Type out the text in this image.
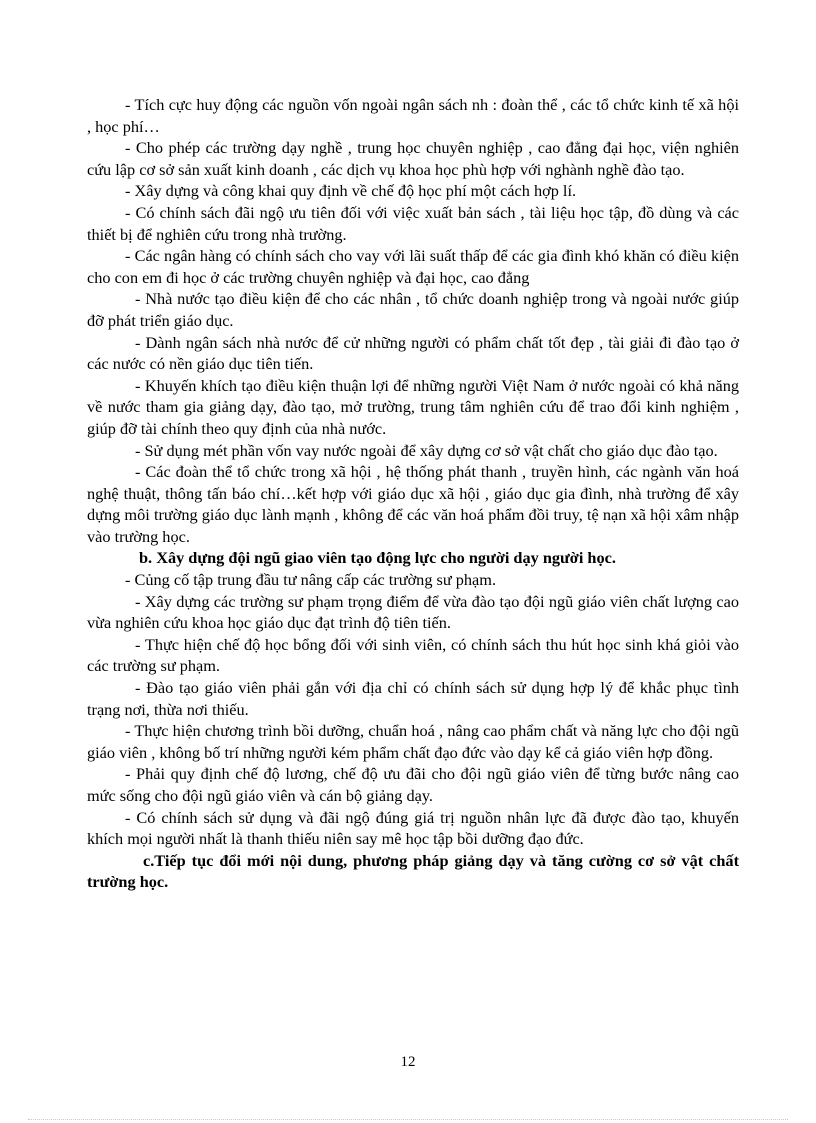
- Tích cực huy động các nguồn vốn ngoài ngân sách nh : đoàn thể , các tổ chức kinh tế xã hội , học phí…

- Cho phép các trường dạy nghề , trung học chuyên nghiệp , cao đẳng đại học, viện nghiên cứu lập cơ sở sản xuất kinh doanh , các dịch vụ khoa học phù hợp với nghành nghề đào tạo.

- Xây dựng và công khai quy định về chế độ học phí một cách hợp lí.

- Có chính sách đãi ngộ ưu tiên đối với việc xuất bản sách , tài liệu học tập, đồ dùng và các thiết bị để nghiên cứu trong nhà trường.

- Các ngân hàng có chính sách cho vay với lãi suất thấp để các gia đình khó khăn có điều kiện cho con em đi học ở các trường chuyên nghiệp và đại học, cao đẳng

- Nhà nước tạo điều kiện để cho các nhân , tổ chức doanh nghiệp trong và ngoài nước giúp đỡ phát triển giáo dục.

- Dành ngân sách nhà nước để cử những người có phẩm chất tốt đẹp , tài giải đi đào tạo ở các nước có nền giáo dục tiên tiến.

- Khuyến khích tạo điều kiện thuận lợi để những người Việt Nam ở nước ngoài có khả năng về nước tham gia giảng dạy, đào tạo, mở trường, trung tâm nghiên cứu để trao đổi kinh nghiệm , giúp đỡ tài chính theo quy định của nhà nước.

- Sử dụng mét phần vốn vay nước ngoài để xây dựng cơ sở vật chất cho giáo dục đào tạo.

- Các đoàn thể tổ chức trong xã hội , hệ thống phát thanh , truyền hình, các ngành văn hoá nghệ thuật, thông tấn báo chí…kết hợp với giáo dục xã hội , giáo dục gia đình, nhà trường để xây dựng môi trường giáo dục lành mạnh , không để các văn hoá phẩm đồi truy, tệ nạn xã hội xâm nhập vào trường học.

b. Xây dựng đội ngũ giao viên tạo động lực cho người dạy người học.

- Củng cố tập trung đầu tư nâng cấp các trường sư phạm.

- Xây dựng các trường sư phạm trọng điểm để vừa đào tạo đội ngũ giáo viên chất lượng cao vừa nghiên cứu khoa học giáo dục đạt trình độ tiên tiến.

- Thực hiện chế độ học bổng đối với sinh viên, có chính sách thu hút học sinh khá giỏi vào các trường sư phạm.

- Đào tạo giáo viên phải gắn với địa chỉ có chính sách sử dụng hợp lý để khắc phục tình trạng nơi, thừa nơi thiếu.

- Thực hiện chương trình bồi dưỡng, chuẩn hoá , nâng cao phẩm chất và năng lực cho đội ngũ giáo viên , không bố trí những người kém phẩm chất đạo đức vào dạy kể cả giáo viên hợp đồng.

- Phải quy định chế độ lương, chế độ ưu đãi cho đội ngũ giáo viên để từng bước nâng cao mức sống cho đội ngũ giáo viên và cán bộ giảng dạy.

- Có chính sách sử dụng và đãi ngộ đúng giá trị nguồn nhân lực đã được đào tạo, khuyến khích mọi người nhất là thanh thiếu niên say mê học tập bồi dưỡng đạo đức.

c.Tiếp tục đổi mới nội dung, phương pháp giảng dạy và tăng cường cơ sở vật chất trường học.

12
